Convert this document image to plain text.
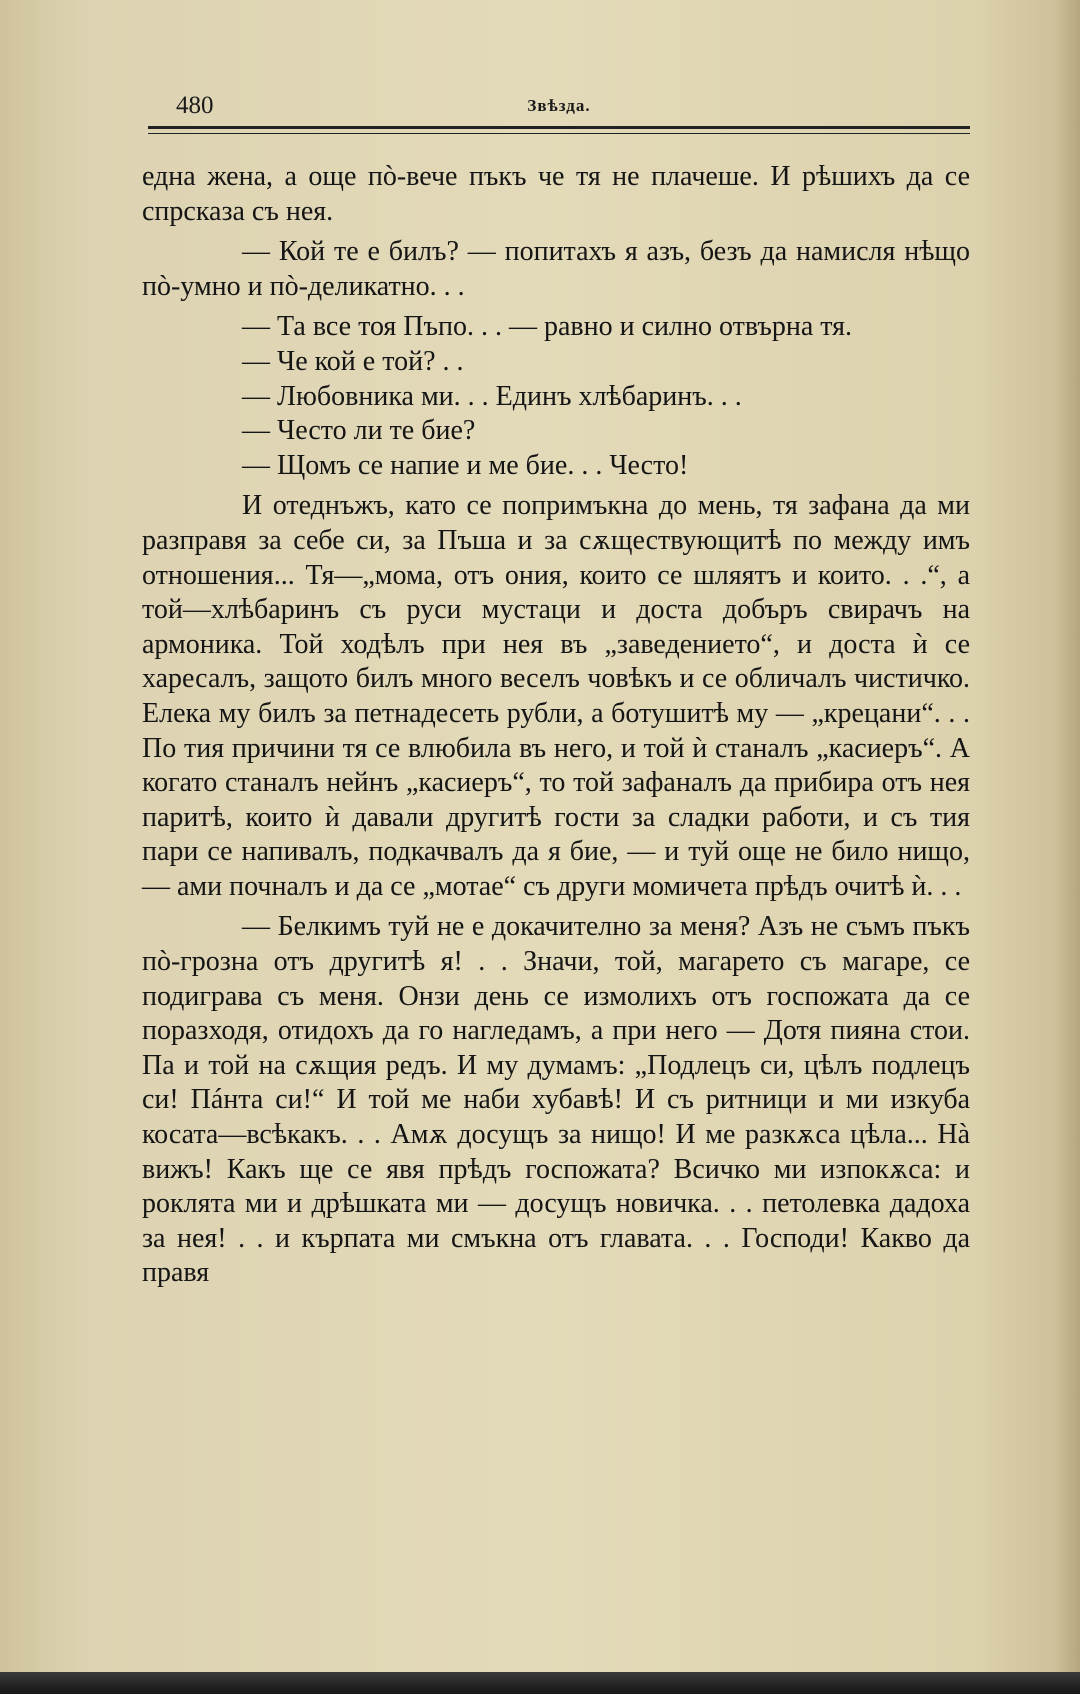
480	Звѣзда.

една жена, а още пò-вече пъкъ че тя не плачеше. И рѣшихъ да се спрсказа съ нея.

— Кой те е билъ? — попитахъ я азъ, безъ да намисля нѣщо пò-умно и пò-деликатно. . .

— Та все тоя Пъпо. . . — равно и силно отвърна тя.

— Че кой е той? . .

— Любовника ми. . . Единъ хлѣбаринъ. . .

— Често ли те бие?

— Щомъ се напие и ме бие. . . Често!

И отеднъжъ, като се попримъкна до мень, тя зафана да ми разправя за себе си, за Пъша и за сѫществующитѣ по между имъ отношения... Тя—„мома, отъ ония, които се шляятъ и които. . .“, а той—хлѣбаринъ съ руси мустаци и доста добъръ свирачъ на армоника. Той ходѣлъ при нея въ „заведението“, и доста ѝ се харесалъ, защото билъ много веселъ човѣкъ и се обличалъ чистичко. Елека му билъ за петнадесеть рубли, а ботушитѣ му — „крецани“. . . По тия причини тя се влюбила въ него, и той ѝ станалъ „касиеръ“. А когато станалъ нейнъ „касиеръ“, то той зафаналъ да прибира отъ нея паритѣ, които ѝ давали другитѣ гости за сладки работи, и съ тия пари се напивалъ, подкачвалъ да я бие, — и туй още не било нищо, — ами почналъ и да се „мотае“ съ други момичета прѣдъ очитѣ ѝ. . .

— Белкимъ туй не е докачително за меня? Азъ не съмъ пъкъ пò-грозна отъ другитѣ я! . . Значи, той, магарето съ магаре, се подиграва съ меня. Онзи день се измолихъ отъ госпожата да се поразходя, отидохъ да го нагледамъ, а при него — Дотя пияна стои. Па и той на сѫщия редъ. И му думамъ: „Подлецъ си, цѣлъ подлецъ си! Пáнта си!“ И той ме наби хубавѣ! И съ ритници и ми изкуба косата—всѣкакъ. . . Амѫ досущъ за нищо! И ме разкѫса цѣла... Нà вижъ! Какъ ще се явя прѣдъ госпожата? Всичко ми изпокѫса: и роклята ми и дрѣшката ми — досущъ новичка. . . петолевка дадоха за нея! . . и кърпата ми смъкна отъ главата. . . Господи! Какво да правя
